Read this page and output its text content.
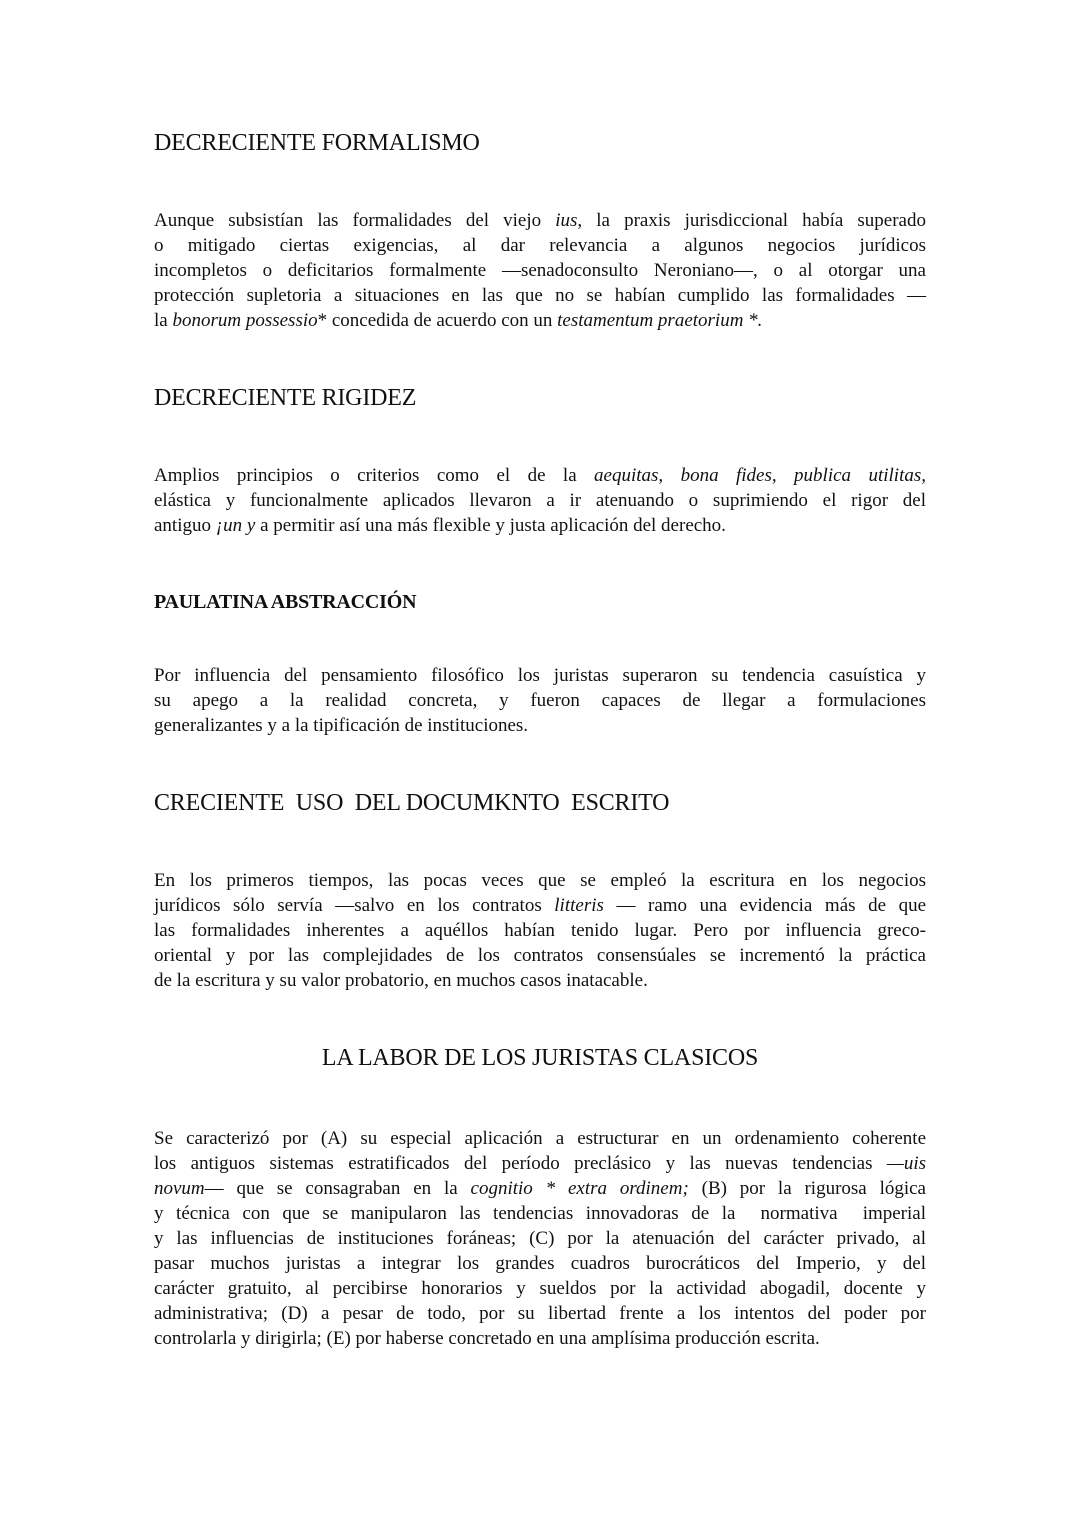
DECRECIENTE FORMALISMO
Aunque subsistían las formalidades del viejo ius, la praxis jurisdiccional había superado
o mitigado ciertas exigencias, al dar relevancia a algunos negocios jurídicos
incompletos o deficitarios formalmente —senadoconsulto Neroniano—, o al otorgar una
protección supletoria a situaciones en las que no se habían cumplido las formalidades —
la bonorum possessio* concedida de acuerdo con un testamentum praetorium *.
DECRECIENTE RIGIDEZ
Amplios principios o criterios como el de la aequitas, bona fides, publica utilitas,
elástica y funcionalmente aplicados llevaron a ir atenuando o suprimiendo el rigor del
antiguo ¡un y a permitir así una más flexible y justa aplicación del derecho.
PAULATINA ABSTRACCIÓN
Por influencia del pensamiento filosófico los juristas superaron su tendencia casuística y
su apego a la realidad concreta, y fueron capaces de llegar a formulaciones
generalizantes y a la tipificación de instituciones.
CRECIENTE  USO  DEL DOCUMKNTO  ESCRITO
En los primeros tiempos, las pocas veces que se empleó la escritura en los negocios
jurídicos sólo servía —salvo en los contratos litteris — ramo una evidencia más de que
las formalidades inherentes a aquéllos habían tenido lugar. Pero por influencia greco-
oriental y por las complejidades de los contratos consensúales se incrementó la práctica
de la escritura y su valor probatorio, en muchos casos inatacable.
LA LABOR DE LOS JURISTAS CLASICOS
Se caracterizó por (A) su especial aplicación a estructurar en un ordenamiento coherente
los antiguos sistemas estratificados del período preclásico y las nuevas tendencias —uis
novum— que se consagraban en la cognitio * extra ordinem; (B) por la rigurosa lógica
y técnica con que se manipularon las tendencias innovadoras de la  normativa  imperial
y las influencias de instituciones foráneas; (C) por la atenuación del carácter privado, al
pasar muchos juristas a integrar los grandes cuadros burocráticos del Imperio, y del
carácter gratuito, al percibirse honorarios y sueldos por la actividad abogadil, docente y
administrativa; (D) a pesar de todo, por su libertad frente a los intentos del poder por
controlarla y dirigirla; (E) por haberse concretado en una amplísima producción escrita.
